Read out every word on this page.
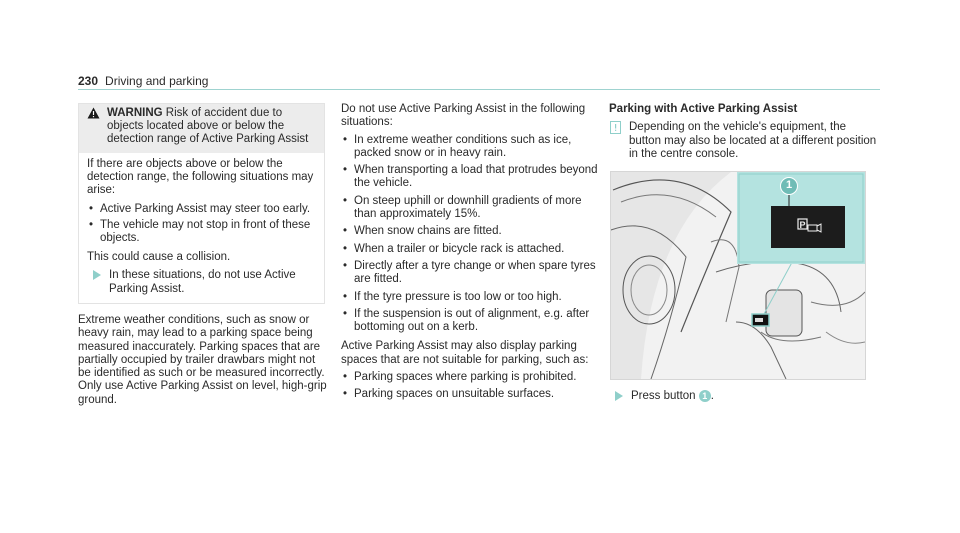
230 Driving and parking
WARNING Risk of accident due to objects located above or below the detection range of Active Parking Assist

If there are objects above or below the detection range, the following situations may arise:

• Active Parking Assist may steer too early.
• The vehicle may not stop in front of these objects.

This could cause a collision.

In these situations, do not use Active Parking Assist.

Extreme weather conditions, such as snow or heavy rain, may lead to a parking space being measured inaccurately. Parking spaces that are partially occupied by trailer drawbars might not be identified as such or be measured incorrectly. Only use Active Parking Assist on level, high-grip ground.

Do not use Active Parking Assist in the following situations:

• In extreme weather conditions such as ice, packed snow or in heavy rain.
• When transporting a load that protrudes beyond the vehicle.
• On steep uphill or downhill gradients of more than approximately 15%.
• When snow chains are fitted.
• When a trailer or bicycle rack is attached.
• Directly after a tyre change or when spare tyres are fitted.
• If the tyre pressure is too low or too high.
• If the suspension is out of alignment, e.g. after bottoming out on a kerb.

Active Parking Assist may also display parking spaces that are not suitable for parking, such as:

• Parking spaces where parking is prohibited.
• Parking spaces on unsuitable surfaces.
Parking with Active Parking Assist
Depending on the vehicle's equipment, the button may also be located at a different position in the centre console.
P
1
Press button 1 .
